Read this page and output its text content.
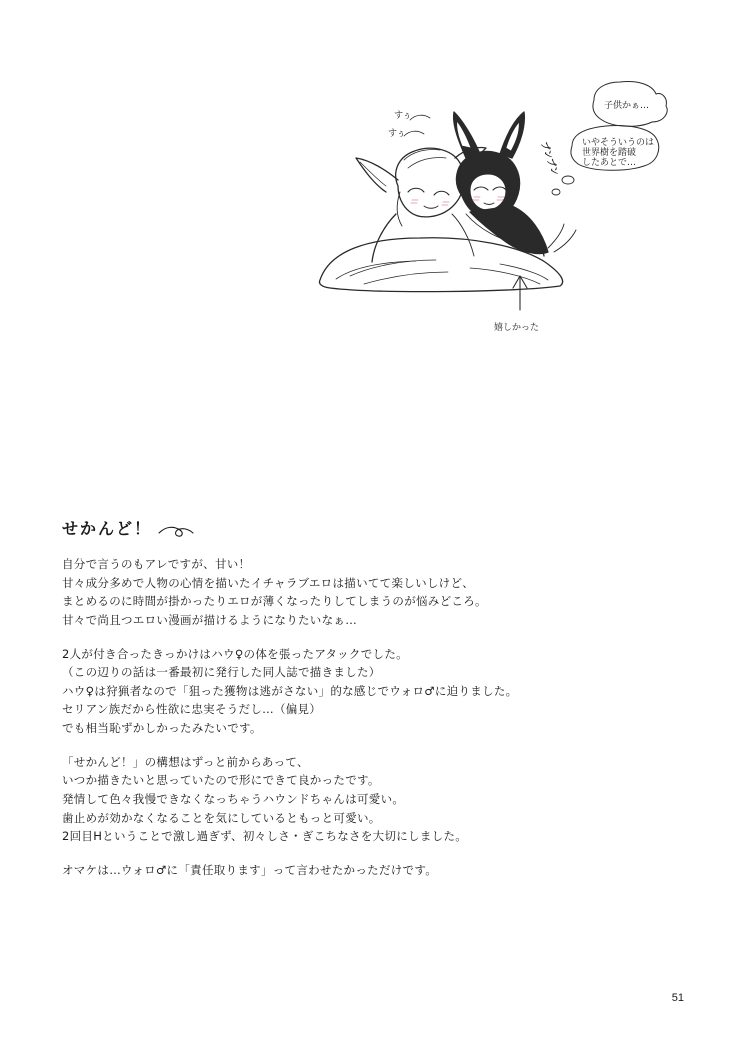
すぅ
すぅ
ブンブン
子供かぁ…
いやそういうのは
世界樹を踏破
したあとで…
嬉しかった
せかんど！

自分で言うのもアレですが、甘い！
甘々成分多めで人物の心情を描いたイチャラブエロは描いてて楽しいしけど、
まとめるのに時間が掛かったりエロが薄くなったりしてしまうのが悩みどころ。
甘々で尚且つエロい漫画が描けるようになりたいなぁ…

2人が付き合ったきっかけはハウ♀の体を張ったアタックでした。
（この辺りの話は一番最初に発行した同人誌で描きました）
ハウ♀は狩猟者なので「狙った獲物は逃がさない」的な感じでウォロ♂に迫りました。
セリアン族だから性欲に忠実そうだし…（偏見）
でも相当恥ずかしかったみたいです。

「せかんど！」の構想はずっと前からあって、
いつか描きたいと思っていたので形にできて良かったです。
発情して色々我慢できなくなっちゃうハウンドちゃんは可愛い。
歯止めが効かなくなることを気にしているともっと可愛い。
2回目Hということで激し過ぎず、初々しさ・ぎこちなさを大切にしました。

オマケは…ウォロ♂に「責任取ります」って言わせたかっただけです。

51
